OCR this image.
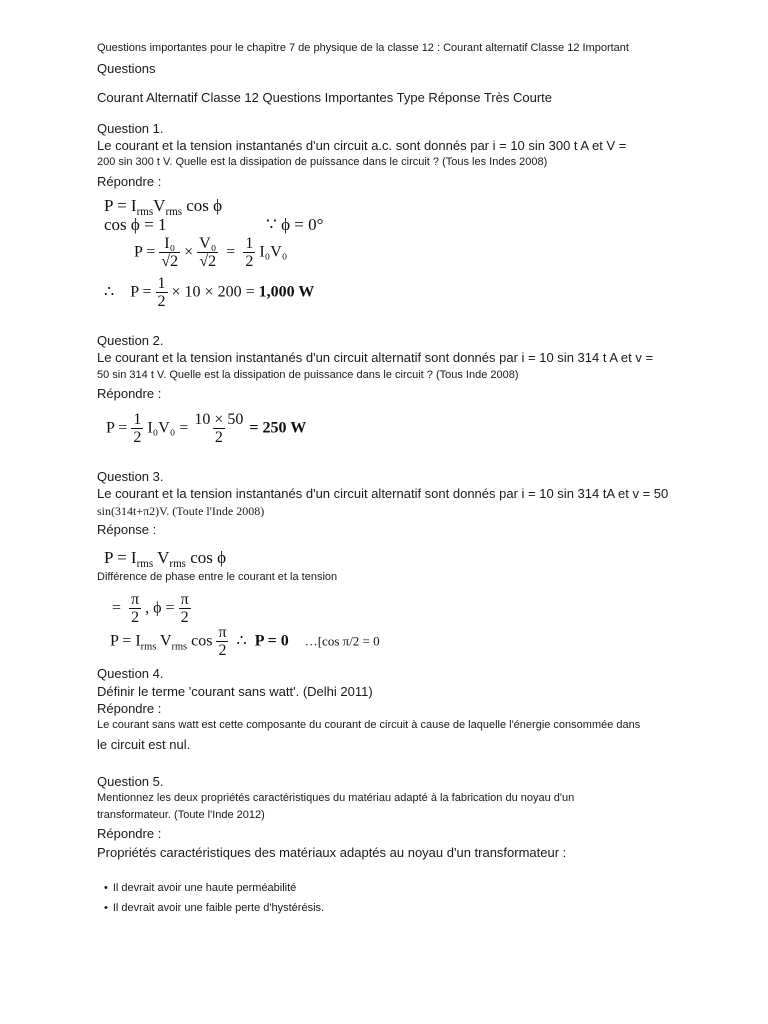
Questions importantes pour le chapitre 7 de physique de la classe 12 : Courant alternatif Classe 12 Important
Questions
Courant Alternatif Classe 12 Questions Importantes Type Réponse Très Courte
Question 1.
Le courant et la tension instantanés d'un circuit a.c. sont donnés par i = 10 sin 300 t A et V =
200 sin 300 t V. Quelle est la dissipation de puissance dans le circuit ? (Tous les Indes 2008)
Répondre :
$P = I_{rms}V_{rms}$ cos ϕ
cos ϕ = 1	∵ ϕ = 0°
$P = \frac{\text{I₀}}{√2} \times \frac{\text{V₀}}{√2} = \frac{1}{2} I_0V_0$
∴ $P = \frac{1}{2} \times 10 \times 200 = 1,000$ W
Question 2.
Le courant et la tension instantanés d'un circuit alternatif sont donnés par i = 10 sin 314 t A et v =
50 sin 314 t V. Quelle est la dissipation de puissance dans le circuit ? (Tous Inde 2008)
Répondre :
$P = \frac{1}{2} I_0V_0 = \frac{10 \times 50}{2} = 250$ W
Question 3.
Le courant et la tension instantanés d'un circuit alternatif sont donnés par i = 10 sin 314 tA et v = 50
sin(314t+π2)V. (Toute l'Inde 2008)
Réponse :
$P = I_{rms}$ $V_{rms}$ cos ϕ
Différence de phase entre le courant et la tension
= $\frac{\pi}{2}$ , $\phi = \frac{\pi}{2}$
$P = I_{rms}$ $V_{rms}$ $\cos \frac{\pi}{2}$ ∴ P = 0 …[cos π/2 = 0
Question 4.
Définir le terme 'courant sans watt'. (Delhi 2011)
Répondre :
Le courant sans watt est cette composante du courant de circuit à cause de laquelle l'énergie consommée dans
le circuit est nul.
Question 5.
Mentionnez les deux propriétés caractéristiques du matériau adapté à la fabrication du noyau d'un
transformateur. (Toute l'Inde 2012)
Répondre :
Propriétés caractéristiques des matériaux adaptés au noyau d'un transformateur :
• Il devrait avoir une haute perméabilité
• Il devrait avoir une faible perte d'hystérésis.
